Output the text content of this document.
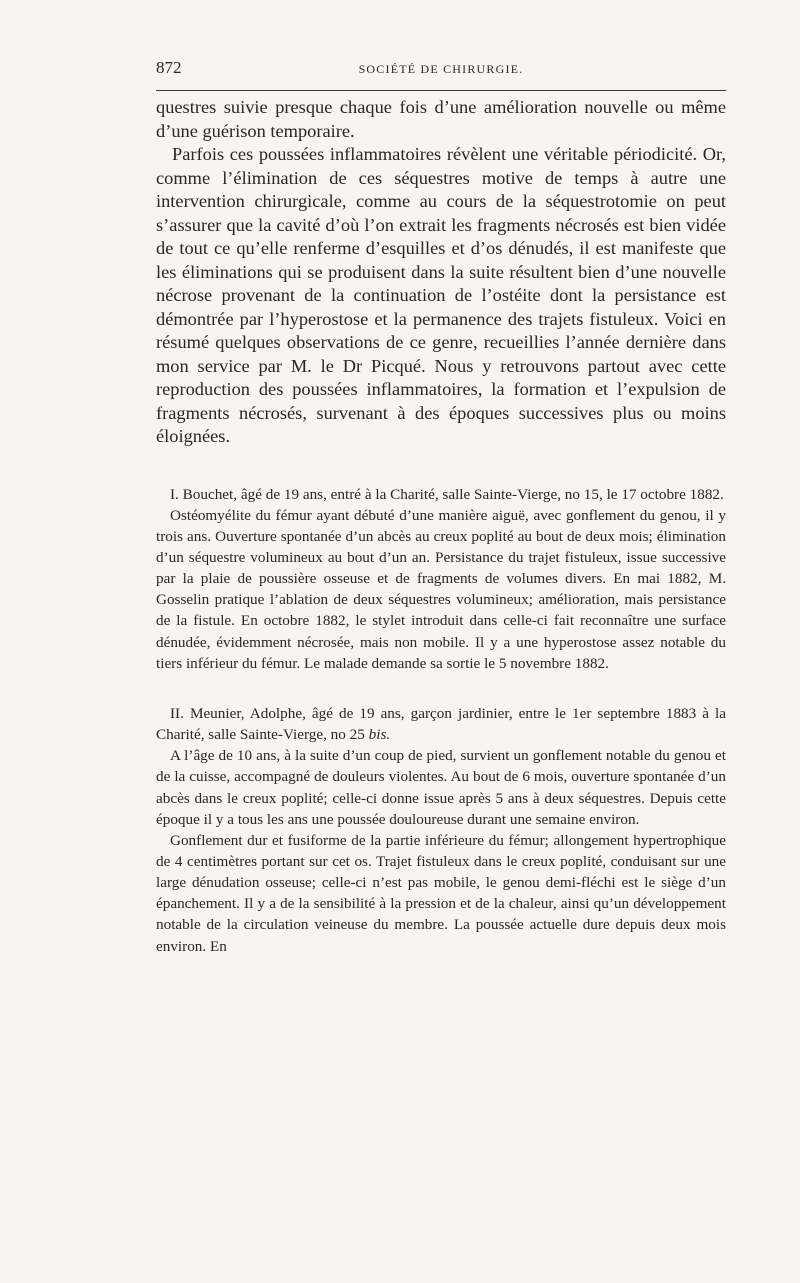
872	SOCIÉTÉ DE CHIRURGIE.

questres suivie presque chaque fois d’une amélioration nouvelle ou même d’une guérison temporaire.

Parfois ces poussées inflammatoires révèlent une véritable périodicité. Or, comme l’élimination de ces séquestres motive de temps à autre une intervention chirurgicale, comme au cours de la séquestrotomie on peut s’assurer que la cavité d’où l’on extrait les fragments nécrosés est bien vidée de tout ce qu’elle renferme d’esquilles et d’os dénudés, il est manifeste que les éliminations qui se produisent dans la suite résultent bien d’une nouvelle nécrose provenant de la continuation de l’ostéite dont la persistance est démontrée par l’hyperostose et la permanence des trajets fistuleux. Voici en résumé quelques observations de ce genre, recueillies l’année dernière dans mon service par M. le Dr Picqué. Nous y retrouvons partout avec cette reproduction des poussées inflammatoires, la formation et l’expulsion de fragments nécrosés, survenant à des époques successives plus ou moins éloignées.

I. Bouchet, âgé de 19 ans, entré à la Charité, salle Sainte-Vierge, no 15, le 17 octobre 1882.

Ostéomyélite du fémur ayant débuté d’une manière aiguë, avec gonflement du genou, il y trois ans. Ouverture spontanée d’un abcès au creux poplité au bout de deux mois; élimination d’un séquestre volumineux au bout d’un an. Persistance du trajet fistuleux, issue successive par la plaie de poussière osseuse et de fragments de volumes divers. En mai 1882, M. Gosselin pratique l’ablation de deux séquestres volumineux; amélioration, mais persistance de la fistule. En octobre 1882, le stylet introduit dans celle-ci fait reconnaître une surface dénudée, évidemment nécrosée, mais non mobile. Il y a une hyperostose assez notable du tiers inférieur du fémur. Le malade demande sa sortie le 5 novembre 1882.

II. Meunier, Adolphe, âgé de 19 ans, garçon jardinier, entre le 1er septembre 1883 à la Charité, salle Sainte-Vierge, no 25 bis.

A l’âge de 10 ans, à la suite d’un coup de pied, survient un gonflement notable du genou et de la cuisse, accompagné de douleurs violentes. Au bout de 6 mois, ouverture spontanée d’un abcès dans le creux poplité; celle-ci donne issue après 5 ans à deux séquestres. Depuis cette époque il y a tous les ans une poussée douloureuse durant une semaine environ.

Gonflement dur et fusiforme de la partie inférieure du fémur; allongement hypertrophique de 4 centimètres portant sur cet os. Trajet fistuleux dans le creux poplité, conduisant sur une large dénudation osseuse; celle-ci n’est pas mobile, le genou demi-fléchi est le siège d’un épanchement. Il y a de la sensibilité à la pression et de la chaleur, ainsi qu’un développement notable de la circulation veineuse du membre. La poussée actuelle dure depuis deux mois environ. En
